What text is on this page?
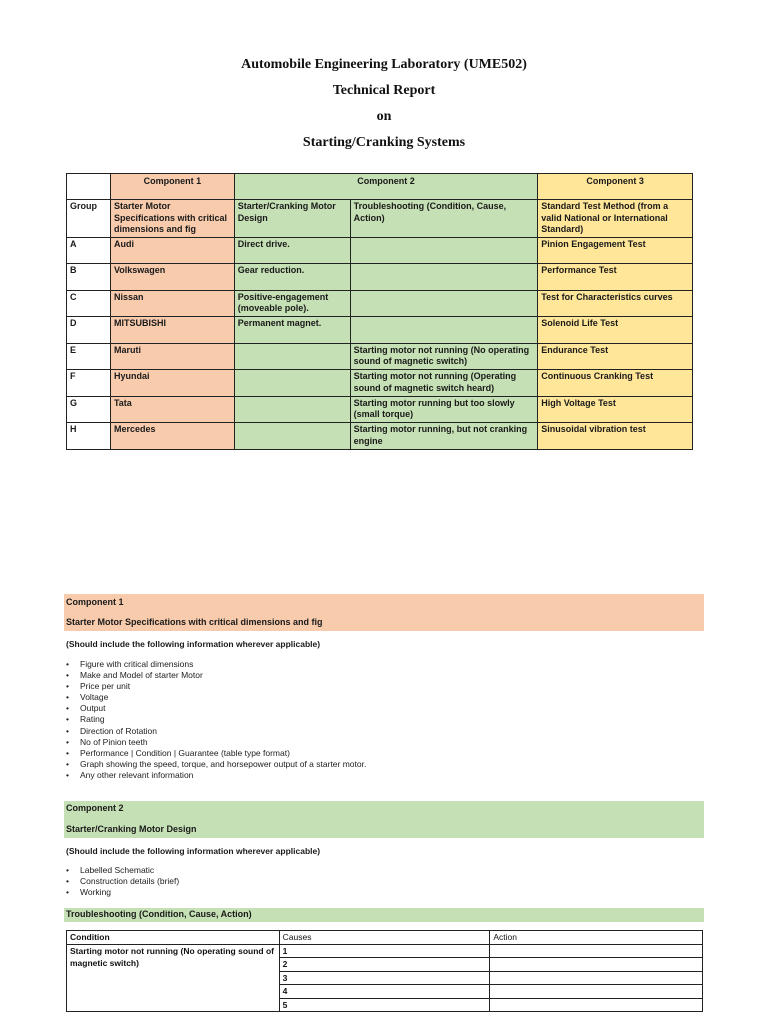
Automobile Engineering Laboratory (UME502)
Technical Report
on
Starting/Cranking Systems
	Component 1	Component 2		Component 3
Group	Starter Motor Specifications with critical dimensions and fig	Starter/Cranking Motor Design	Troubleshooting (Condition, Cause, Action)	Standard Test Method (from a valid National or International Standard)
A	Audi	Direct drive.		Pinion Engagement Test
B	Volkswagen	Gear reduction.		Performance Test
C	Nissan	Positive-engagement (moveable pole).		Test for Characteristics curves
D	MITSUBISHI	Permanent magnet.		Solenoid Life Test
E	Maruti		Starting motor not running (No operating sound of magnetic switch)	Endurance Test
F	Hyundai		Starting motor not running (Operating sound of magnetic switch heard)	Continuous Cranking Test
G	Tata		Starting motor running but too slowly (small torque)	High Voltage Test
H	Mercedes		Starting motor running, but not cranking engine	Sinusoidal vibration test
Component 1
Starter Motor Specifications with critical dimensions and fig
(Should include the following information wherever applicable)
• Figure with critical dimensions
• Make and Model of starter Motor
• Price per unit
• Voltage
• Output
• Rating
• Direction of Rotation
• No of Pinion teeth
• Performance | Condition | Guarantee (table type format)
• Graph showing the speed, torque, and horsepower output of a starter motor.
• Any other relevant information
Component 2
Starter/Cranking Motor Design
(Should include the following information wherever applicable)
• Labelled Schematic
• Construction details (brief)
• Working
Troubleshooting (Condition, Cause, Action)
Condition	Causes	Action
Starting motor not running (No operating sound of magnetic switch)	1	
	2	
	3	
	4	
	5	
